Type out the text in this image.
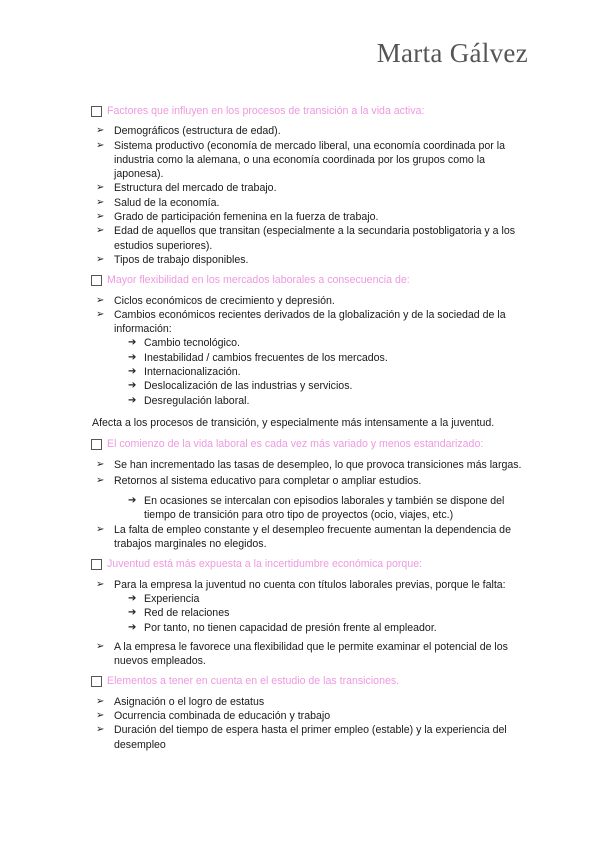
Marta Gálvez
Factores que influyen en los procesos de transición a la vida activa:
➢ Demográficos (estructura de edad).
➢ Sistema productivo (economía de mercado liberal, una economía coordinada por la industria como la alemana, o una economía coordinada por los grupos como la japonesa).
➢ Estructura del mercado de trabajo.
➢ Salud de la economía.
➢ Grado de participación femenina en la fuerza de trabajo.
➢ Edad de aquellos que transitan (especialmente a la secundaria postobligatoria y a los estudios superiores).
➢ Tipos de trabajo disponibles.
Mayor flexibilidad en los mercados laborales a consecuencia de:
➢ Ciclos económicos de crecimiento y depresión.
➢ Cambios económicos recientes derivados de la globalización y de la sociedad de la información:
➔ Cambio tecnológico.
➔ Inestabilidad / cambios frecuentes de los mercados.
➔ Internacionalización.
➔ Deslocalización de las industrias y servicios.
➔ Desregulación laboral.
Afecta a los procesos de transición, y especialmente más intensamente a la juventud.
El comienzo de la vida laboral es cada vez más variado y menos estandarizado:
➢ Se han incrementado las tasas de desempleo, lo que provoca transiciones más largas.
➢ Retornos al sistema educativo para completar o ampliar estudios.
➔ En ocasiones se intercalan con episodios laborales y también se dispone del tiempo de transición para otro tipo de proyectos (ocio, viajes, etc.)
➢ La falta de empleo constante y el desempleo frecuente aumentan la dependencia de trabajos marginales no elegidos.
Juventud está más expuesta a la incertidumbre económica porque:
➢ Para la empresa la juventud no cuenta con títulos laborales previas, porque le falta:
➔ Experiencia
➔ Red de relaciones
➔ Por tanto, no tienen capacidad de presión frente al empleador.
➢ A la empresa le favorece una flexibilidad que le permite examinar el potencial de los nuevos empleados.
Elementos a tener en cuenta en el estudio de las transiciones.
➢ Asignación o el logro de estatus
➢ Ocurrencia combinada de educación y trabajo
➢ Duración del tiempo de espera hasta el primer empleo (estable) y la experiencia del desempleo
